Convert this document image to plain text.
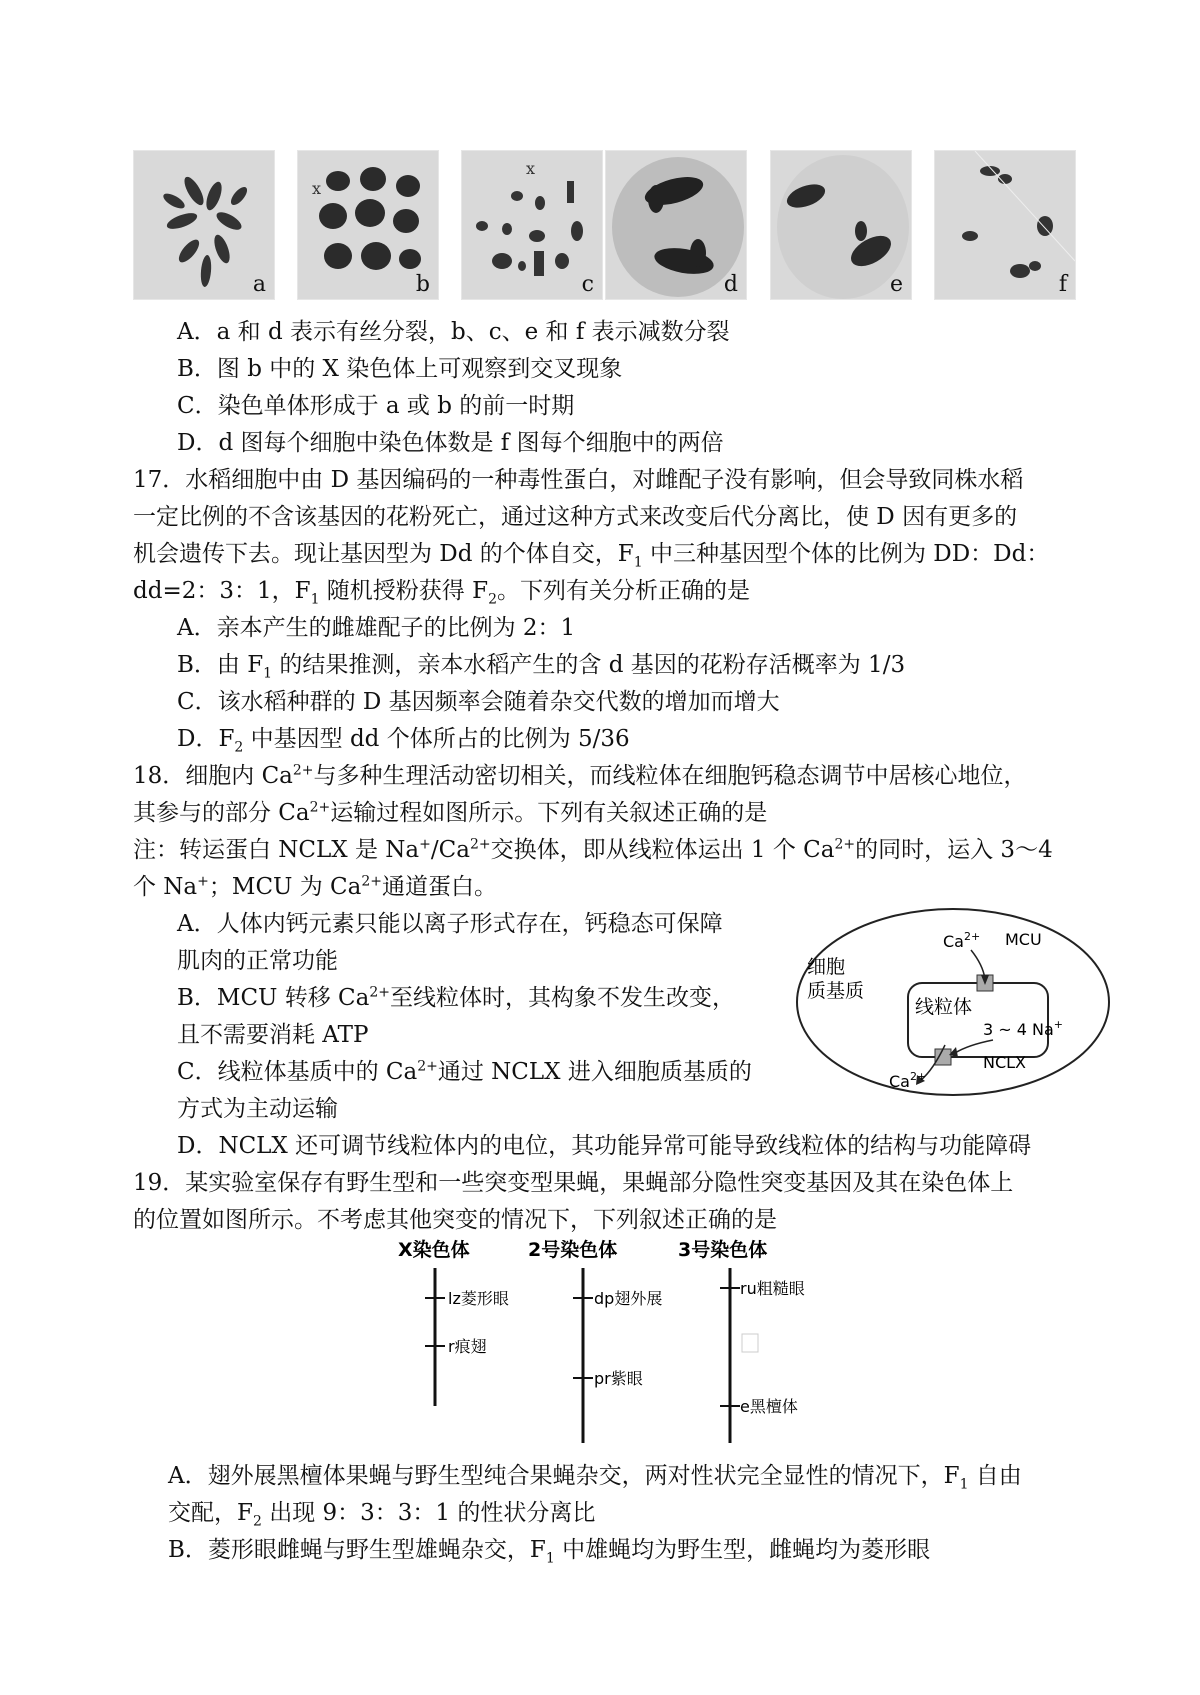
a
x
b
x
c	d	e	f
A．a 和 d 表示有丝分裂，b、c、e 和 f 表示减数分裂
B．图 b 中的 X 染色体上可观察到交叉现象
C．染色单体形成于 a 或 b 的前一时期
D．d 图每个细胞中染色体数是 f 图每个细胞中的两倍
17．水稻细胞中由 D 基因编码的一种毒性蛋白，对雌配子没有影响，但会导致同株水稻
一定比例的不含该基因的花粉死亡，通过这种方式来改变后代分离比，使 D 因有更多的
机会遗传下去。现让基因型为 Dd 的个体自交，$F_1$ 中三种基因型个体的比例为 DD：Dd：
dd=2：3：1，$F_1$ 随机授粉获得 $F_2$。下列有关分析正确的是
A．亲本产生的雌雄配子的比例为 2：1
B．由 $F_1$ 的结果推测，亲本水稻产生的含 d 基因的花粉存活概率为 1/3
C．该水稻种群的 D 基因频率会随着杂交代数的增加而增大
D．$F_2$ 中基因型 dd 个体所占的比例为 5/36
18．细胞内 $Ca^{2+}$与多种生理活动密切相关，而线粒体在细胞钙稳态调节中居核心地位，
其参与的部分 $Ca^{2+}$运输过程如图所示。下列有关叙述正确的是
注：转运蛋白 NCLX 是 $Na^+/Ca^{2+}$交换体，即从线粒体运出 1 个 $Ca^{2+}$的同时，运入 3～4
个 Na+；MCU 为 $Ca^{2+}$通道蛋白。
A．人体内钙元素只能以离子形式存在，钙稳态可保障
肌肉的正常功能
B．MCU 转移 $Ca^{2+}$至线粒体时，其构象不发生改变，
且不需要消耗 ATP
C．线粒体基质中的 $Ca^{2+}$通过 NCLX 进入细胞质基质的
方式为主动运输
D．NCLX 还可调节线粒体内的电位，其功能异常可能导致线粒体的结构与功能障碍
细胞
质基质
线粒体
$Ca^{2+}$ MCU
3 ~ 4 Na+
NCLX
$Ca^{2+}$
19．某实验室保存有野生型和一些突变型果蝇，果蝇部分隐性突变基因及其在染色体上
的位置如图所示。不考虑其他突变的情况下，下列叙述正确的是
X染色体
lz菱形眼
r痕翅
2号染色体
dp翅外展
pr紫眼
3号染色体
ru粗糙眼
e黑檀体
A．翅外展黑檀体果蝇与野生型纯合果蝇杂交，两对性状完全显性的情况下，$F_1$ 自由
交配，$F_2$ 出现 9：3：3：1 的性状分离比
B．菱形眼雌蝇与野生型雄蝇杂交，$F_1$ 中雄蝇均为野生型，雌蝇均为菱形眼
